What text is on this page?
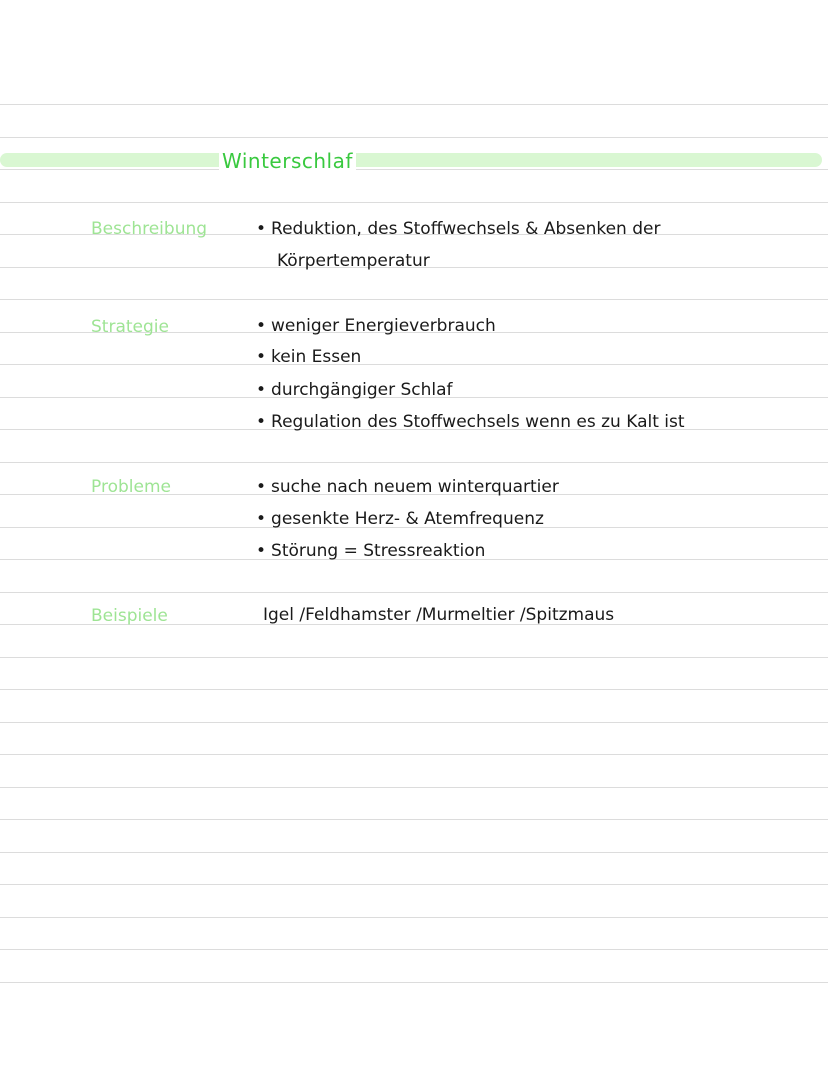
Winterschlaf
Beschreibung	• Reduktion, des Stoffwechsels & Absenken der
Körpertemperatur
Strategie	• weniger Energieverbrauch
• kein Essen
• durchgängiger Schlaf
• Regulation des Stoffwechsels wenn es zu Kalt ist
Probleme	• suche nach neuem winterquartier
• gesenkte Herz- & Atemfrequenz
• Störung = Stressreaktion
Beispiele	Igel /Feldhamster /Murmeltier /Spitzmaus
